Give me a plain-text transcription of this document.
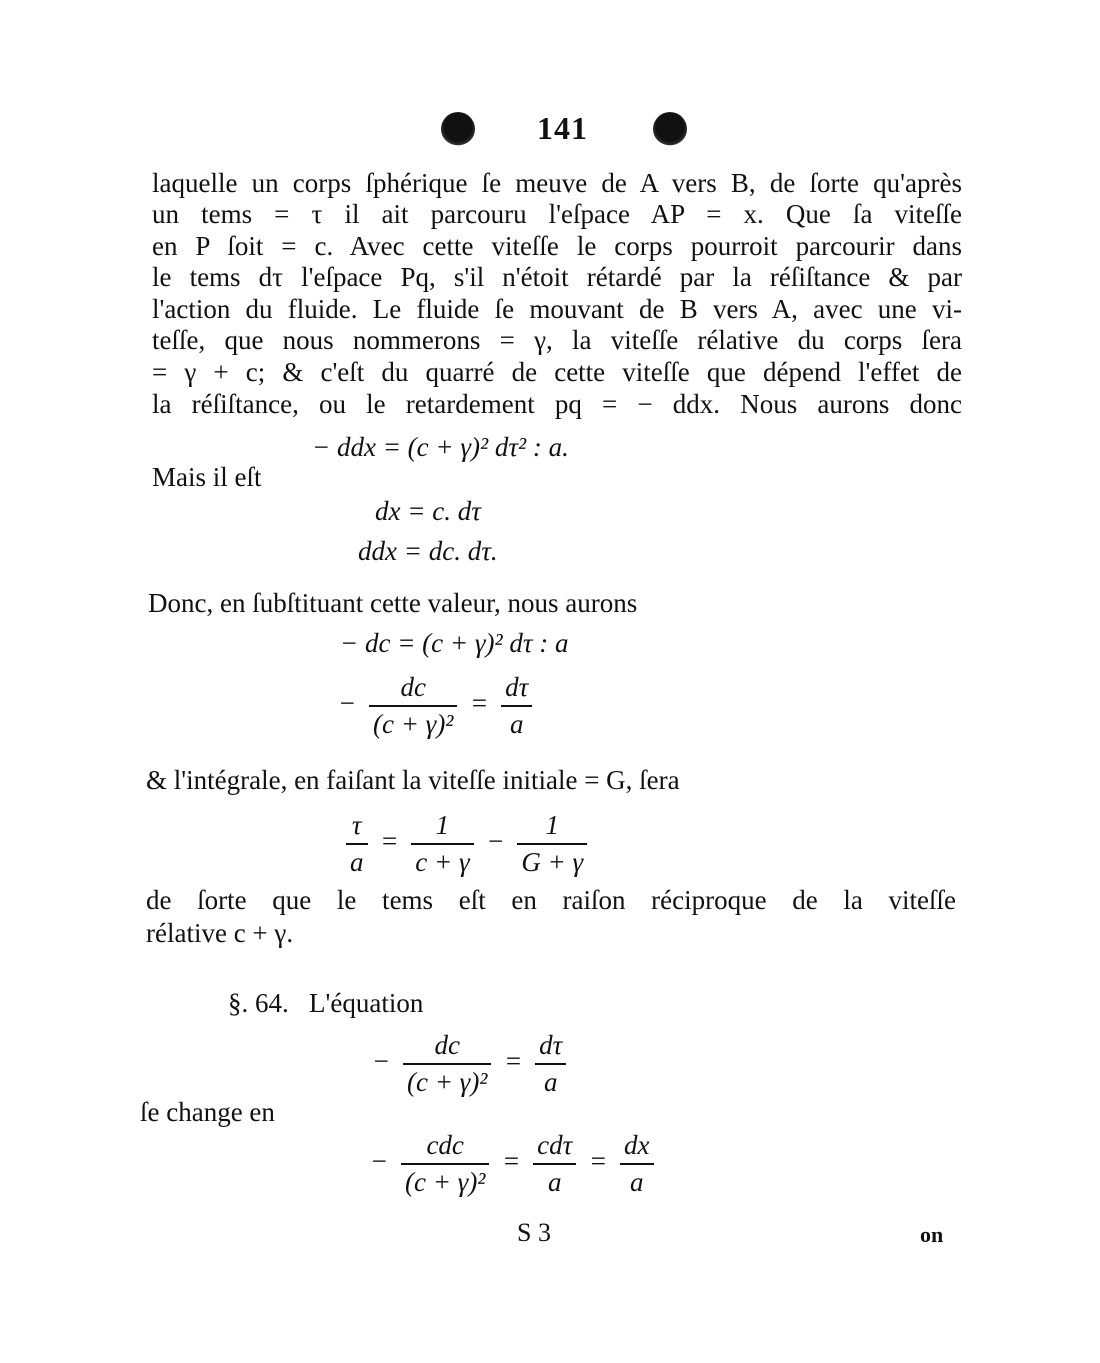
141
laquelle un corps ſphérique ſe meuve de A vers B, de ſorte qu'après
un tems = τ il ait parcouru l'eſpace AP = x. Que ſa viteſſe
en P ſoit = c. Avec cette viteſſe le corps pourroit parcourir dans
le tems dτ l'eſpace Pq, s'il n'étoit rétardé par la réſiſtance & par
l'action du fluide. Le fluide ſe mouvant de B vers A, avec une vi-
teſſe, que nous nommerons = γ, la viteſſe rélative du corps ſera
= γ + c; & c'eſt du quarré de cette viteſſe que dépend l'effet de
la réſiſtance, ou le retardement pq = − ddx. Nous aurons donc
− ddx = (c + γ)² dτ² : a.
Mais il eſt
dx = c. dτ
ddx = dc. dτ.
Donc, en ſubſtituant cette valeur, nous aurons
− dc = (c + γ)² dτ : a
− $\frac{dc}{\text{(c + γ)²}} = \frac{d\tau}{a}$
& l'intégrale, en faiſant la viteſſe initiale = G, ſera
$\frac{\tau}{a} = \frac{1}{c + \gamma} - \frac{1}{G + \gamma}$
de ſorte que le tems eſt en raiſon réciproque de la viteſſe
rélative c + γ.
§. 64. L'équation
− $\frac{dc}{\text{(c + γ)²}} = \frac{d\tau}{a}$
ſe change en
− $\frac{\text{cdc}}{\text{(c + γ)²}} = \frac{\text{cdτ}}{a} = \frac{dx}{a}$
S 3	on
